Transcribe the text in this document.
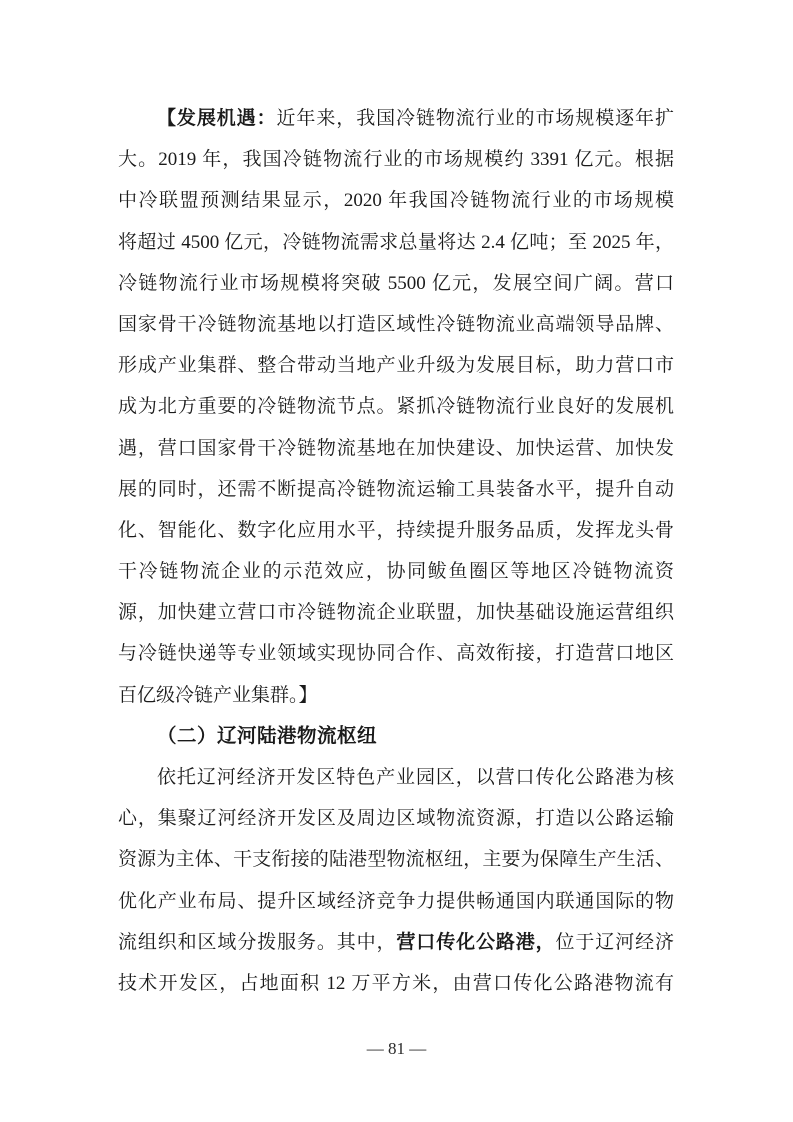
【发展机遇：近年来，我国冷链物流行业的市场规模逐年扩
大。2019 年，我国冷链物流行业的市场规模约 3391 亿元。根据
中冷联盟预测结果显示，2020 年我国冷链物流行业的市场规模
将超过 4500 亿元，冷链物流需求总量将达 2.4 亿吨；至 2025 年，
冷链物流行业市场规模将突破 5500 亿元，发展空间广阔。营口
国家骨干冷链物流基地以打造区域性冷链物流业高端领导品牌、
形成产业集群、整合带动当地产业升级为发展目标，助力营口市
成为北方重要的冷链物流节点。紧抓冷链物流行业良好的发展机
遇，营口国家骨干冷链物流基地在加快建设、加快运营、加快发
展的同时，还需不断提高冷链物流运输工具装备水平，提升自动
化、智能化、数字化应用水平，持续提升服务品质，发挥龙头骨
干冷链物流企业的示范效应，协同鲅鱼圈区等地区冷链物流资
源，加快建立营口市冷链物流企业联盟，加快基础设施运营组织
与冷链快递等专业领域实现协同合作、高效衔接，打造营口地区
百亿级冷链产业集群。】
（二）辽河陆港物流枢纽
依托辽河经济开发区特色产业园区，以营口传化公路港为核
心，集聚辽河经济开发区及周边区域物流资源，打造以公路运输
资源为主体、干支衔接的陆港型物流枢纽，主要为保障生产生活、
优化产业布局、提升区域经济竞争力提供畅通国内联通国际的物
流组织和区域分拨服务。其中，营口传化公路港，位于辽河经济
技术开发区，占地面积 12 万平方米，由营口传化公路港物流有
— 81 —
